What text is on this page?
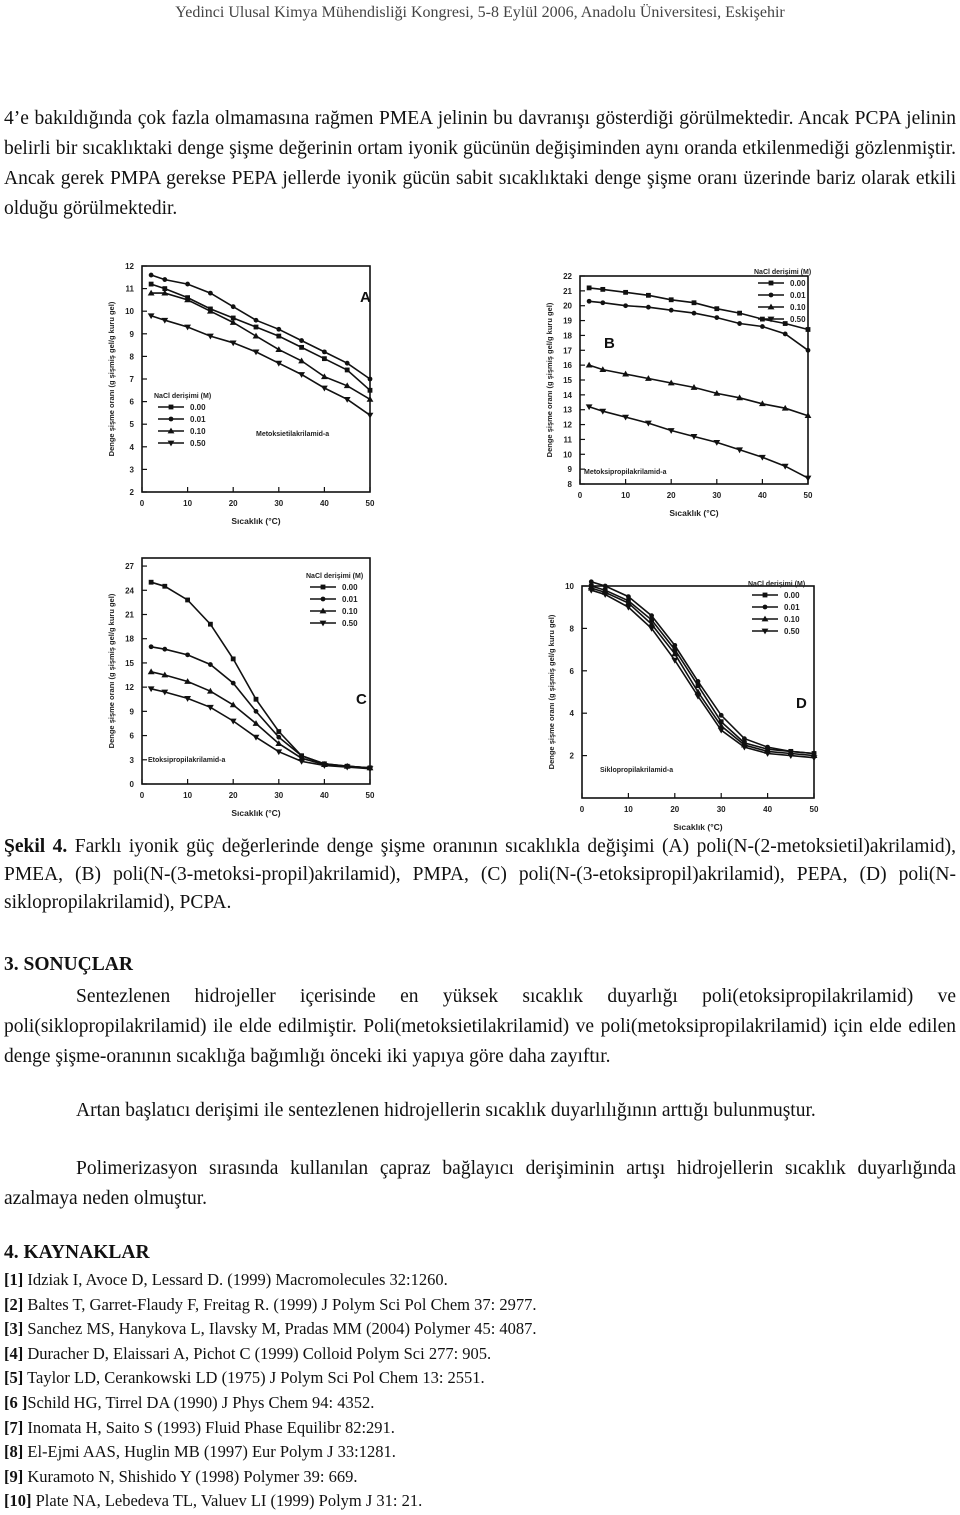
Yedinci Ulusal Kimya Mühendisliği Kongresi, 5-8 Eylül 2006, Anadolu Üniversitesi, Eskişehir
4’e bakıldığında çok fazla olmamasına rağmen PMEA jelinin bu davranışı gösterdiği görülmektedir. Ancak PCPA jelinin belirli bir sıcaklıktaki denge şişme değerinin ortam iyonik gücünün değişiminden aynı oranda etkilenmediği gözlenmiştir. Ancak gerek PMPA gerekse PEPA jellerde iyonik gücün sabit sıcaklıktaki denge şişme oranı üzerinde bariz olarak etkili olduğu görülmektedir.
2
3
4
5
6
7
8
9
10
11
12
0	10	20	30	40	50
Denge şişme oranı (g şişmiş gel/g kuru gel)
Sıcaklık (°C)
NaCl derişimi (M)
0.00
0.01
0.10
0.50
Metoksietilakrilamid-a
A
8
9
10
11
12
13
14
15
16
17
18
19
20
21
22
0	10	20	30	40	50
Denge şişme oranı (g şişmiş gel/g kuru gel)
Sıcaklık (°C)
NaCl derişimi (M)
0.00
0.01
0.10
0.50
Metoksipropilakrilamid-a
B
0
3
6
9
12
15
18
21
24
27
0	10	20	30	40	50
Denge şişme oranı (g şişmiş gel/g kuru gel)
Sıcaklık (°C)
NaCl derişimi (M)
0.00
0.01
0.10
0.50
Etoksipropilakrilamid-a
C
2
4
6
8
10
0	10	20	30	40	50
Denge şişme oranı (g şişmiş gel/g kuru gel)
Sıcaklık (°C)
NaCl derişimi (M)
0.00
0.01
0.10
0.50
Siklopropilakrilamid-a
D
Şekil 4. Farklı iyonik güç değerlerinde denge şişme oranının sıcaklıkla değişimi (A) poli(N-(2-metoksietil)akrilamid), PMEA, (B) poli(N-(3-metoksi-propil)akrilamid), PMPA, (C) poli(N-(3-etoksipropil)akrilamid), PEPA, (D) poli(N-siklopropilakrilamid), PCPA.
3. SONUÇLAR
Sentezlenen hidrojeller içerisinde en yüksek sıcaklık duyarlığı poli(etoksipropilakrilamid) ve poli(siklopropilakrilamid) ile elde edilmiştir. Poli(metoksietilakrilamid) ve poli(metoksipropilakrilamid) için elde edilen denge şişme-oranının sıcaklığa bağımlığı önceki iki yapıya göre daha zayıftır.
Artan başlatıcı derişimi ile sentezlenen hidrojellerin sıcaklık duyarlılığının arttığı bulunmuştur.
Polimerizasyon sırasında kullanılan çapraz bağlayıcı derişiminin artışı hidrojellerin sıcaklık duyarlığında azalmaya neden olmuştur.
4. KAYNAKLAR
[1] Idziak I, Avoce D, Lessard D. (1999) Macromolecules 32:1260.
[2] Baltes T, Garret-Flaudy F, Freitag R. (1999) J Polym Sci Pol Chem 37: 2977.
[3] Sanchez MS, Hanykova L, Ilavsky M, Pradas MM (2004) Polymer 45: 4087.
[4] Duracher D, Elaissari A, Pichot C (1999) Colloid Polym Sci 277: 905.
[5] Taylor LD, Cerankowski LD (1975) J Polym Sci Pol Chem 13: 2551.
[6 ]Schild HG, Tirrel DA (1990) J Phys Chem 94: 4352.
[7] Inomata H, Saito S (1993) Fluid Phase Equilibr 82:291.
[8] El-Ejmi AAS, Huglin MB (1997) Eur Polym J 33:1281.
[9] Kuramoto N, Shishido Y (1998) Polymer 39: 669.
[10] Plate NA, Lebedeva TL, Valuev LI (1999) Polym J 31: 21.
